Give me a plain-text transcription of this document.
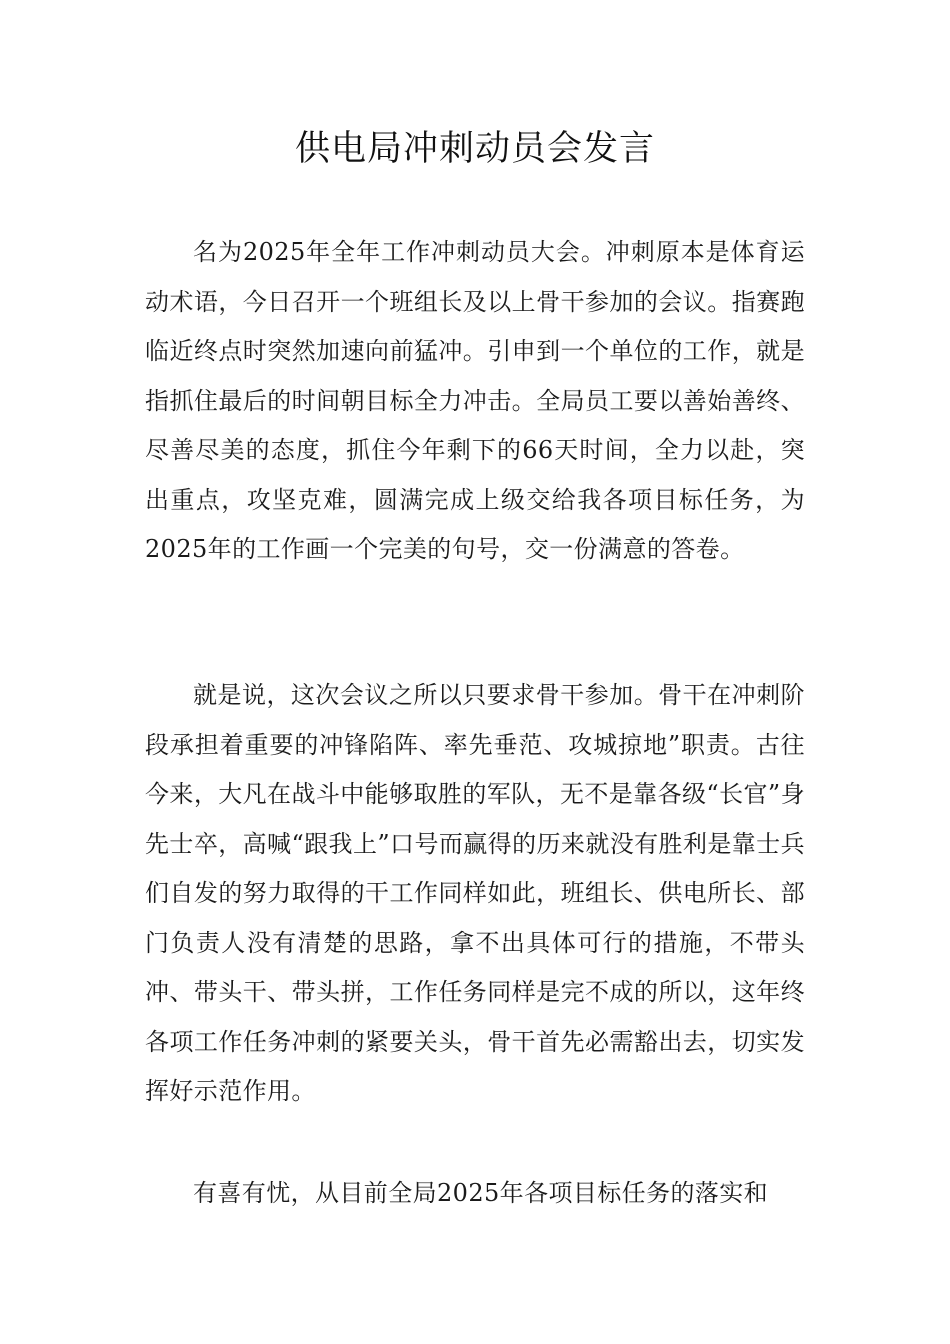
供电局冲刺动员会发言

名为2025年全年工作冲刺动员大会。冲刺原本是体育运动术语，今日召开一个班组长及以上骨干参加的会议。指赛跑临近终点时突然加速向前猛冲。引申到一个单位的工作，就是指抓住最后的时间朝目标全力冲击。全局员工要以善始善终、尽善尽美的态度，抓住今年剩下的66天时间，全力以赴，突出重点，攻坚克难，圆满完成上级交给我各项目标任务，为2025年的工作画一个完美的句号，交一份满意的答卷。

就是说，这次会议之所以只要求骨干参加。骨干在冲刺阶段承担着重要的冲锋陷阵、率先垂范、攻城掠地”职责。古往今来，大凡在战斗中能够取胜的军队，无不是靠各级“长官”身先士卒，高喊“跟我上”口号而赢得的历来就没有胜利是靠士兵们自发的努力取得的干工作同样如此，班组长、供电所长、部门负责人没有清楚的思路，拿不出具体可行的措施，不带头冲、带头干、带头拼，工作任务同样是完不成的所以，这年终各项工作任务冲刺的紧要关头，骨干首先必需豁出去，切实发挥好示范作用。

有喜有忧，从目前全局2025年各项目标任务的落实和
